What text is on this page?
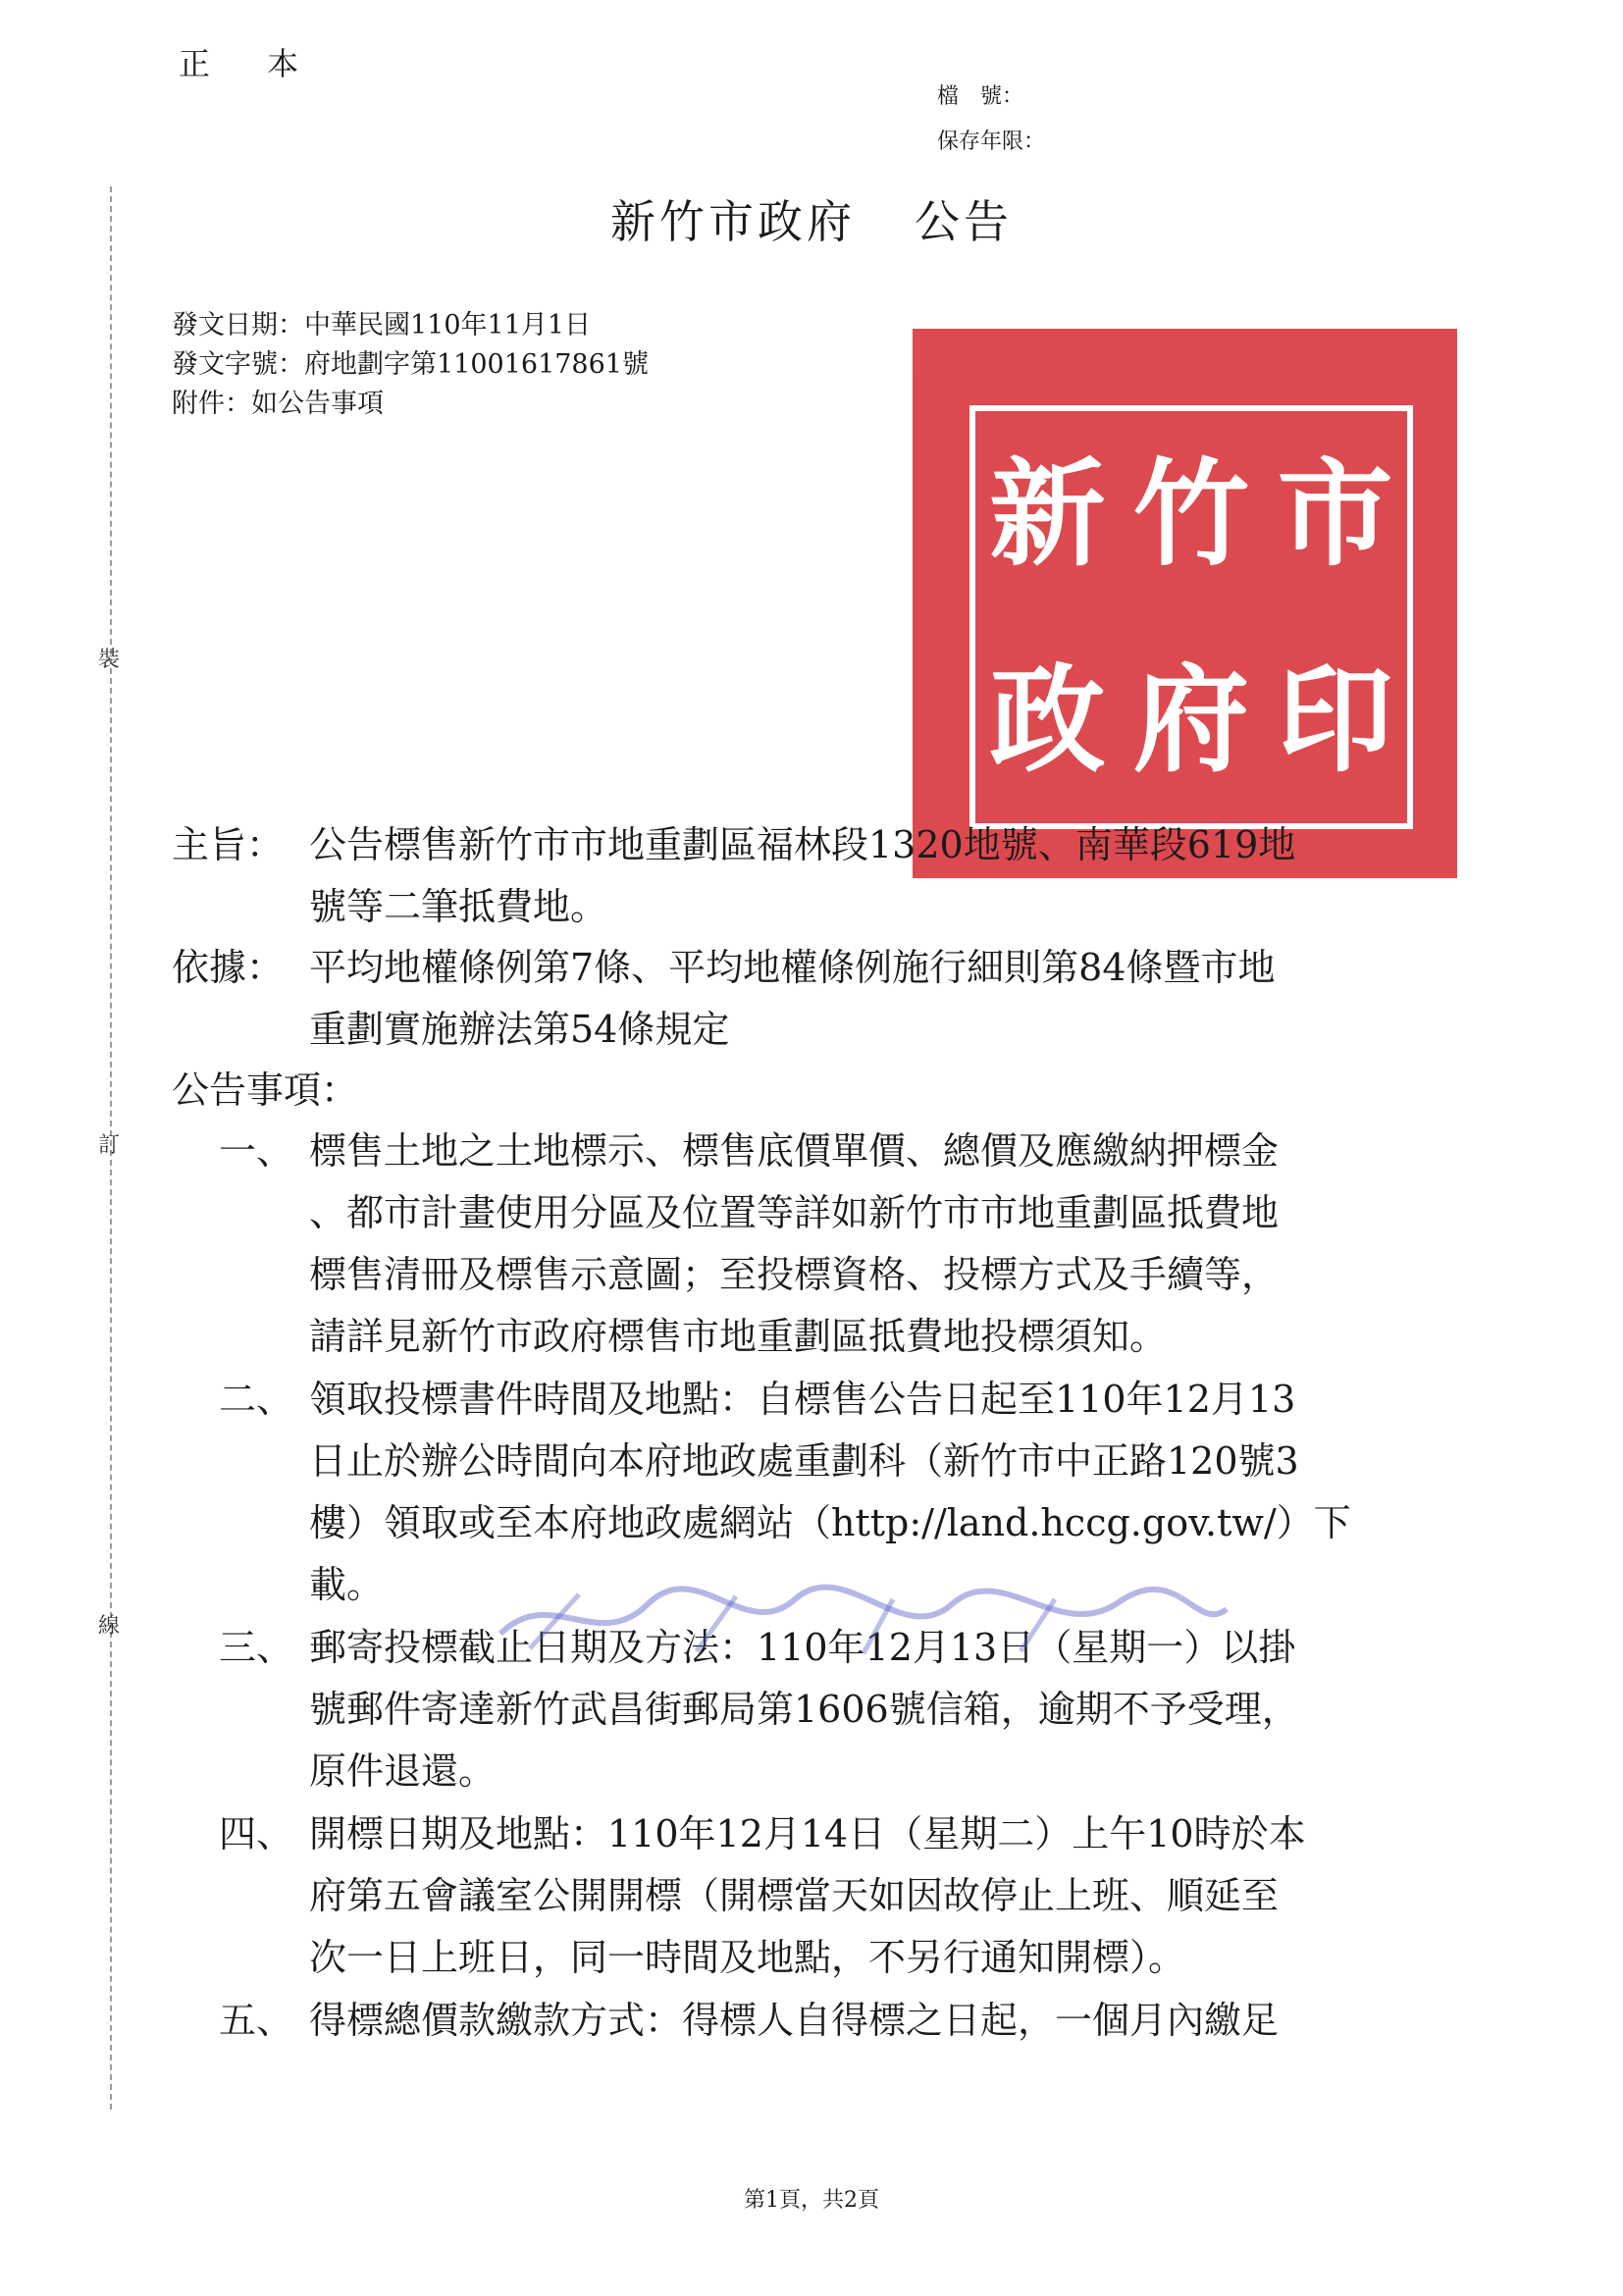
裝
訂
線
正 本
檔　號：
保存年限：
新竹市政府 公告
發文日期：中華民國110年11月1日
發文字號：府地劃字第11001617861號
附件：如公告事項
新 竹 市
政 府 印
主旨： 公告標售新竹市市地重劃區福林段1320地號、南華段619地

號等二筆抵費地。

依據： 平均地權條例第7條、平均地權條例施行細則第84條暨市地

重劃實施辦法第54條規定

公告事項：
一、 標售土地之土地標示、標售底價單價、總價及應繳納押標金

、都市計畫使用分區及位置等詳如新竹市市地重劃區抵費地

標售清冊及標售示意圖；至投標資格、投標方式及手續等，

請詳見新竹市政府標售市地重劃區抵費地投標須知。

二、 領取投標書件時間及地點：自標售公告日起至110年12月13

日止於辦公時間向本府地政處重劃科（新竹市中正路120號3

樓）領取或至本府地政處網站（http://land.hccg.gov.tw/）下

載。

三、 郵寄投標截止日期及方法：110年12月13日（星期一）以掛

號郵件寄達新竹武昌街郵局第1606號信箱，逾期不予受理，

原件退還。

四、 開標日期及地點：110年12月14日（星期二）上午10時於本

府第五會議室公開開標（開標當天如因故停止上班、順延至

次一日上班日，同一時間及地點，不另行通知開標）。

五、 得標總價款繳款方式：得標人自得標之日起，一個月內繳足

第1頁，共2頁
